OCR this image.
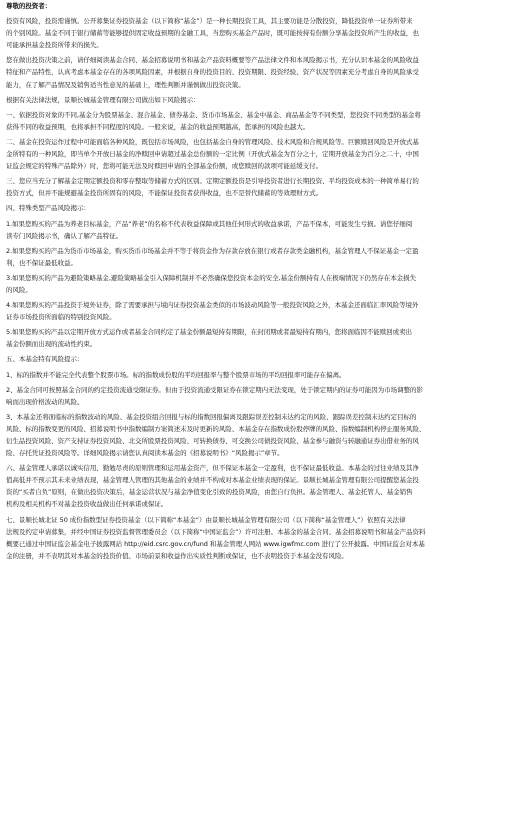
尊敬的投资者：
投资有风险，投资需谨慎。公开募集证券投资基金（以下简称“基金”）是一种长期投资工具，其主要功能是分散投资，降低投资单一证券所带来
的个别风险。基金不同于银行储蓄等能够提供固定收益预期的金融工具，当您购买基金产品时，既可能按持有份额分享基金投资所产生的收益，也
可能承担基金投资所带来的损失。
您在做出投资决策之前，请仔细阅读基金合同、基金招募说明书和基金产品资料概要等产品法律文件和本风险揭示书，充分认识本基金的风险收益
特征和产品特性，认真考虑本基金存在的各项风险因素，并根据自身的投资目的、投资期限、投资经验、资产状况等因素充分考虑自身的风险承受
能力，在了解产品情况及销售适当性意见的基础上，理性判断并谨慎做出投资决策。
根据有关法律法规，景顺长城基金管理有限公司做出如下风险揭示：
一、依据投资对象的不同,基金分为股票基金、混合基金、债券基金、货币市场基金、基金中基金、商品基金等不同类型，您投资不同类型的基金将
获得不同的收益预期，也将承担不同程度的风险。一般来说，基金的收益预期越高，您承担的风险也越大。
二、基金在投资运作过程中可能面临各种风险，既包括市场风险，也包括基金自身的管理风险、技术风险和合规风险等。巨额赎回风险是开放式基
金所特有的一种风险，即当单个开放日基金的净赎回申请超过基金总份额的一定比例（开放式基金为百分之十，定期开放基金为百分之二十，中国
证监会规定的特殊产品除外）时，您将可能无法及时赎回申请的全部基金份额，或您赎回的款项可能延缓支付。
三、您应当充分了解基金定期定额投资和零存整取等储蓄方式的区别。定期定额投资是引导投资者进行长期投资、平均投资成本的一种简单易行的
投资方式，但并不能规避基金投资所固有的风险，不能保证投资者获得收益，也不是替代储蓄的等效理财方式。
四、特殊类型产品风险揭示：
1.如果您购买的产品为养老目标基金，产品“养老”的名称不代表收益保障或其他任何形式的收益承诺，产品不保本，可能发生亏损。请您仔细阅
读专门风险揭示书，确认了解产品特征。
2.如果您购买的产品为货币市场基金，购买货币市场基金并不等于将资金作为存款存放在银行或者存款类金融机构，基金管理人不保证基金一定盈
利，也不保证最低收益。
3.如果您购买的产品为避险策略基金,避险策略基金引入保障机制并不必然确保您投资本金的安全,基金份额持有人在极端情况下仍然存在本金损失
的风险。
4.如果您购买的产品投资于境外证券，除了需要承担与境内证券投资基金类似的市场波动风险等一般投资风险之外，本基金还面临汇率风险等境外
证券市场投资所面临的特别投资风险。
5.如果您购买的产品以定期开放方式运作或者基金合同约定了基金份额最短持有期限，在封闭期或者最短持有期内，您将面临因不能赎回或卖出
基金份额而出现的流动性约束。
五、本基金特有风险提示：
1、标的指数并不能完全代表整个股票市场。标的指数成份股的平均回报率与整个股票市场的平均回报率可能存在偏离。
2、基金合同可按照基金合同的约定投资流通受限证券。但由于投资流通受限证券在锁定期内无法变现，处于锁定期内的证券可能因为市场调整的影
响而出现价格波动的风险。
3、本基金还将面临标的指数波动的风险、基金投资组合回报与标的指数回报偏离及跟踪误差控制未达约定的风险、跟踪误差控制未达约定目标的
风险、标的指数变更的风险、招募说明书中指数编制方案简述未及时更新的风险、本基金存在指数成份股停牌的风险、指数编制机构停止服务风险、
衍生品投资风险、资产支持证券投资风险、北交所股票投资风险、可转换债券、可交换公司债投资风险、基金参与融资与转融通证券出借业务的风
险、存托凭证投资风险等。详细风险揭示请您认真阅读本基金的《招募说明书》“风险揭示”章节。
六、基金管理人承诺以诚实信用、勤勉尽责的原则管理和运用基金资产，但不保证本基金一定盈利，也不保证最低收益。本基金的过往业绩及其净
值高低并不预示其未来业绩表现，基金管理人管理的其他基金的业绩并不构成对本基金业绩表现的保证。景顺长城基金管理有限公司提醒您基金投
资的“买者自负”原则，在做出投资决策后，基金运营状况与基金净值变化引致的投资风险，由您自行负担。基金管理人、基金托管人、基金销售
机构及相关机构不对基金投资收益做出任何承诺或保证。
七、景顺长城北证 50 成份指数型证券投资基金（以下简称“本基金”）由景顺长城基金管理有限公司（以下简称“基金管理人”）依照有关法律
法规及约定申请募集，并经中国证券投资监督管理委员会（以下简称“中国证监会”）许可注册。本基金的基金合同、基金招募说明书和基金产品资料
概要已通过中国证监会基金电子披露网站 http://eid.csrc.gov.cn/fund 和基金管理人网站 www.igwfmc.com 进行了公开披露。中国证监会对本基
金的注册，并不表明其对本基金的投资价值、市场前景和收益作出实质性判断或保证，也不表明投资于本基金没有风险。
